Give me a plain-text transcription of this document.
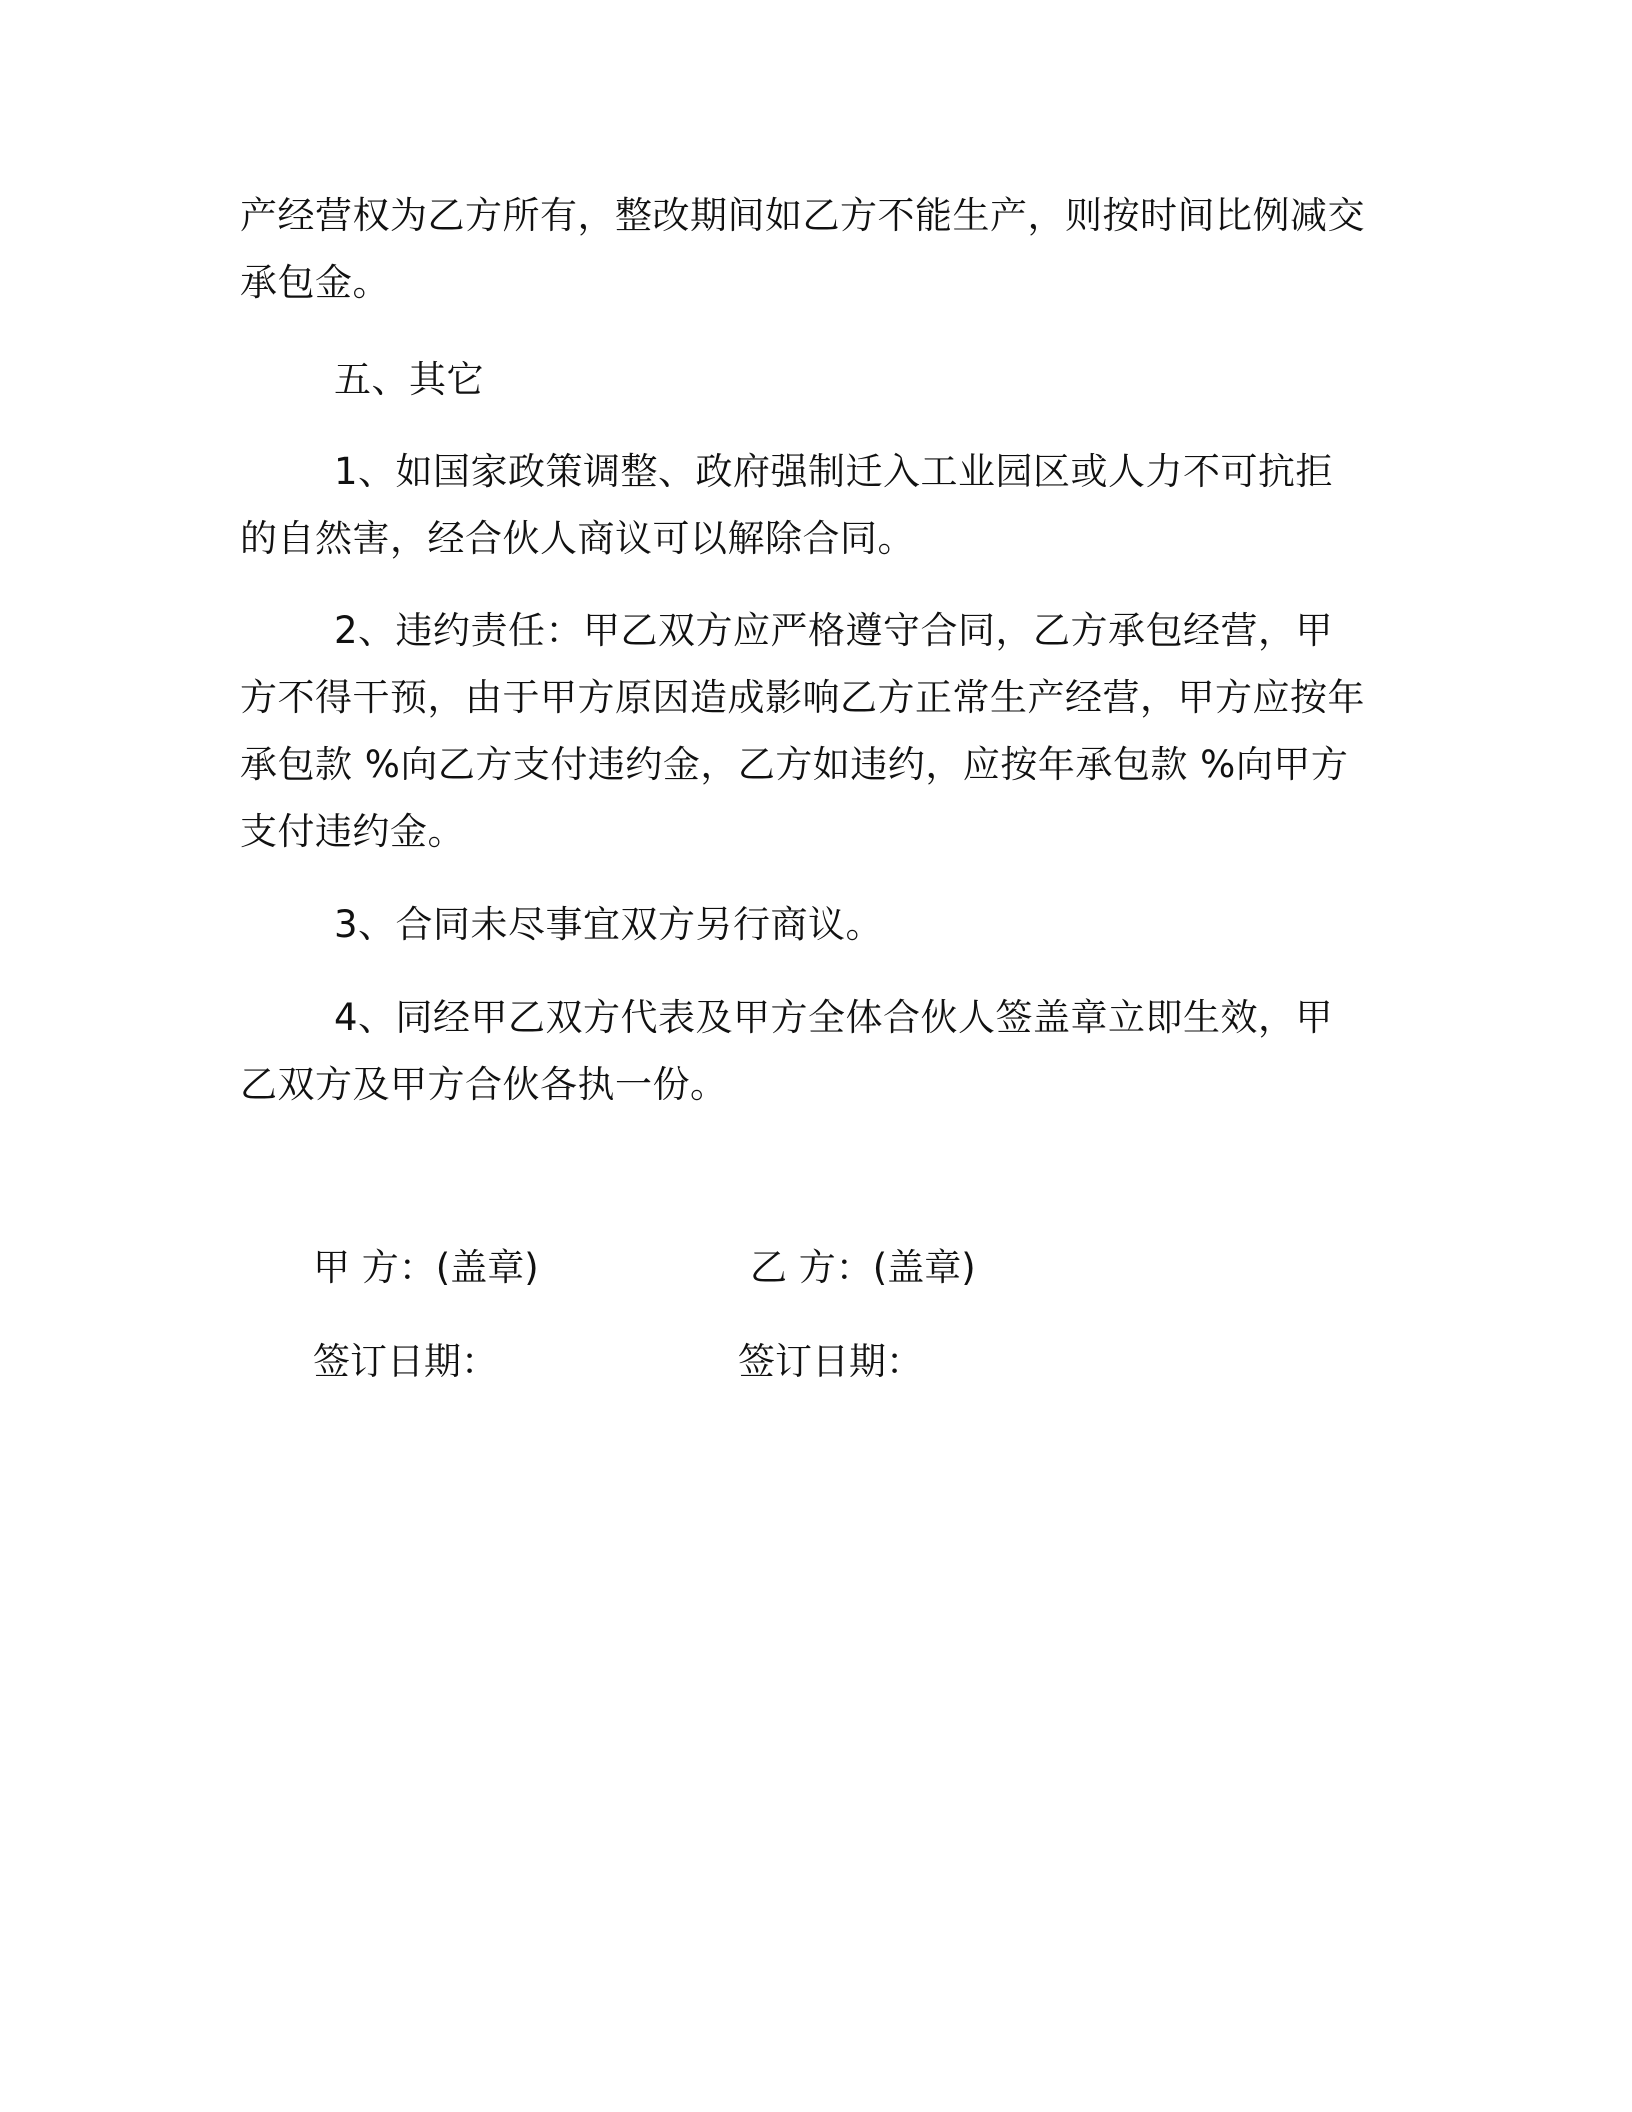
产经营权为乙方所有，整改期间如乙方不能生产，则按时间比例减交承包金。

五、其它

1、如国家政策调整、政府强制迁入工业园区或人力不可抗拒的自然害，经合伙人商议可以解除合同。

2、违约责任：甲乙双方应严格遵守合同，乙方承包经营，甲方不得干预，由于甲方原因造成影响乙方正常生产经营，甲方应按年承包款 %向乙方支付违约金，乙方如违约，应按年承包款 %向甲方支付违约金。

3、合同未尽事宜双方另行商议。

4、同经甲乙双方代表及甲方全体合伙人签盖章立即生效，甲乙双方及甲方合伙各执一份。

甲 方：(盖章)	乙 方：(盖章)

签订日期：	签订日期：
